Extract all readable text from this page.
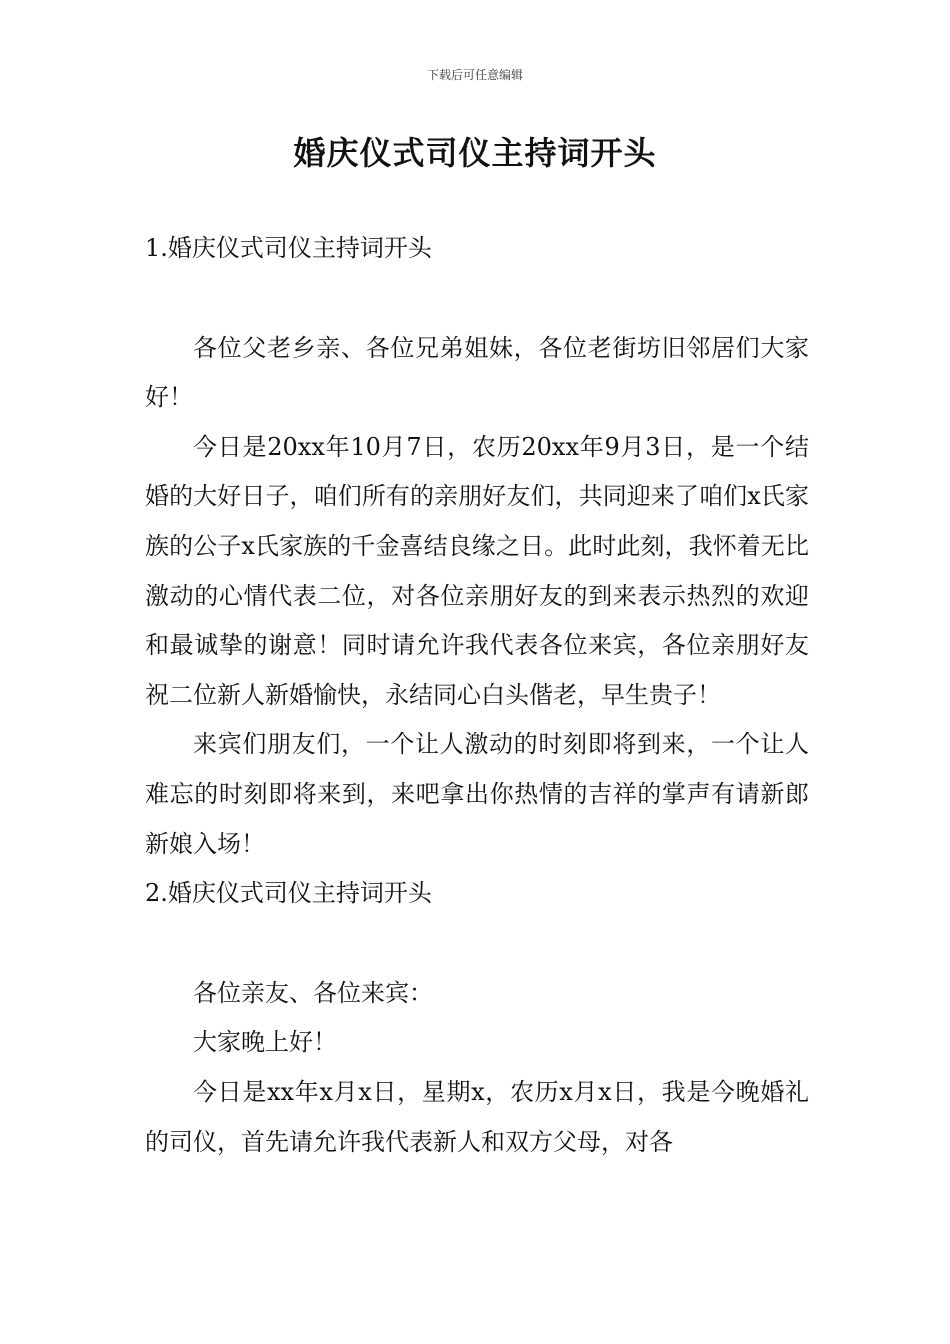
下载后可任意编辑
婚庆仪式司仪主持词开头

1.婚庆仪式司仪主持词开头

各位父老乡亲、各位兄弟姐妹，各位老街坊旧邻居们大家好！

今日是20xx年10月7日，农历20xx年9月3日，是一个结婚的大好日子，咱们所有的亲朋好友们，共同迎来了咱们x氏家族的公子x氏家族的千金喜结良缘之日。此时此刻，我怀着无比激动的心情代表二位，对各位亲朋好友的到来表示热烈的欢迎和最诚挚的谢意！同时请允许我代表各位来宾，各位亲朋好友祝二位新人新婚愉快，永结同心白头偕老，早生贵子！

来宾们朋友们，一个让人激动的时刻即将到来，一个让人难忘的时刻即将来到，来吧拿出你热情的吉祥的掌声有请新郎新娘入场！

2.婚庆仪式司仪主持词开头

各位亲友、各位来宾：

大家晚上好！

今日是xx年x月x日，星期x，农历x月x日，我是今晚婚礼的司仪，首先请允许我代表新人和双方父母，对各
